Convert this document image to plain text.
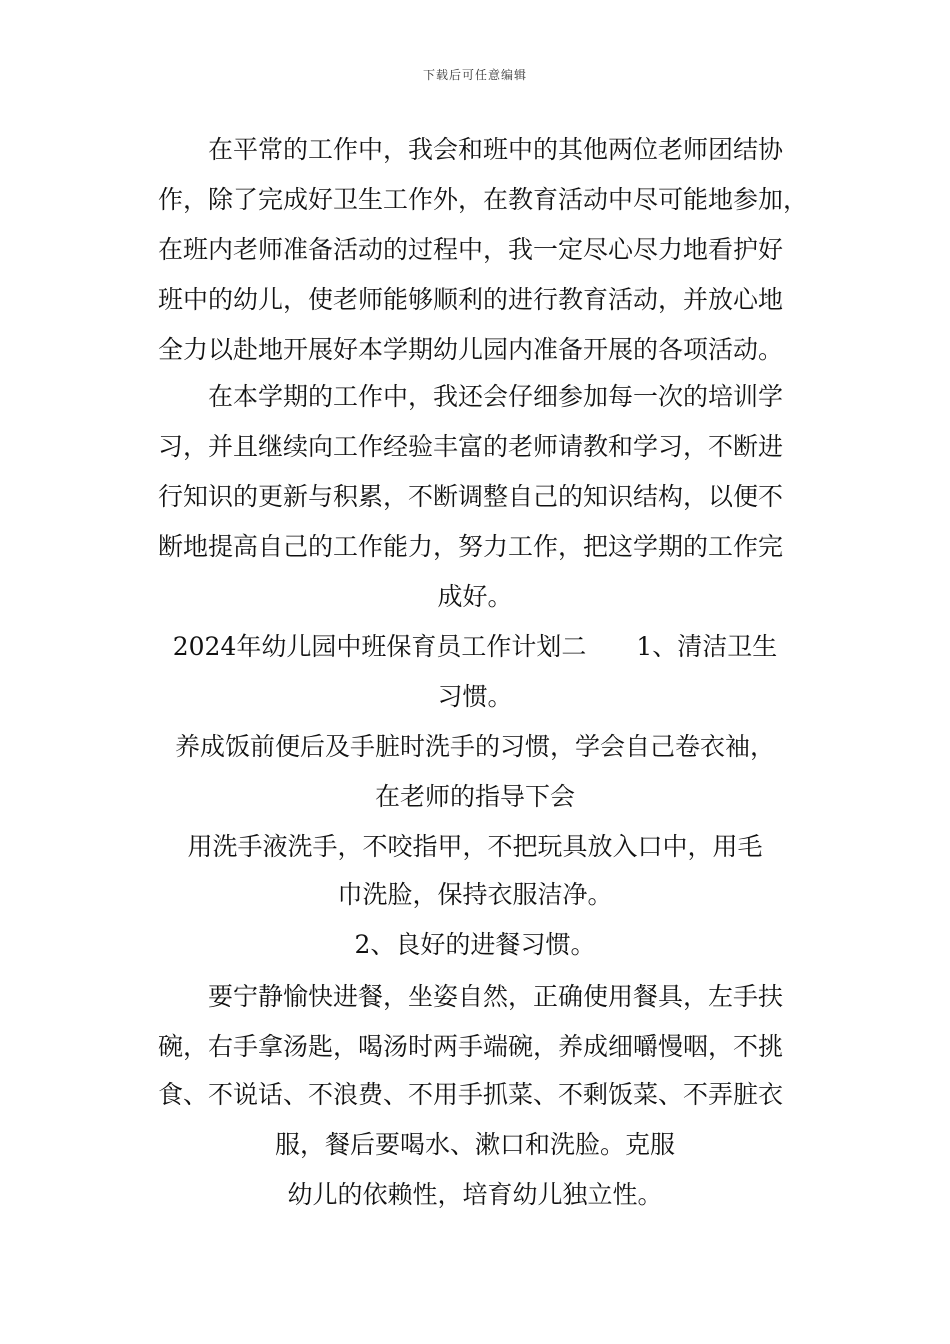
下载后可任意编辑
在平常的工作中，我会和班中的其他两位老师团结协
作，除了完成好卫生工作外，在教育活动中尽可能地参加，
在班内老师准备活动的过程中，我一定尽心尽力地看护好
班中的幼儿，使老师能够顺利的进行教育活动，并放心地
全力以赴地开展好本学期幼儿园内准备开展的各项活动。
在本学期的工作中，我还会仔细参加每一次的培训学
习，并且继续向工作经验丰富的老师请教和学习，不断进
行知识的更新与积累，不断调整自己的知识结构，以便不
断地提高自己的工作能力，努力工作，把这学期的工作完
成好。
2024年幼儿园中班保育员工作计划二　　1、清洁卫生
习惯。
养成饭前便后及手脏时洗手的习惯，学会自己卷衣袖，
在老师的指导下会
用洗手液洗手，不咬指甲，不把玩具放入口中，用毛
巾洗脸，保持衣服洁净。
2、良好的进餐习惯。
要宁静愉快进餐，坐姿自然，正确使用餐具，左手扶
碗，右手拿汤匙，喝汤时两手端碗，养成细嚼慢咽，不挑
食、不说话、不浪费、不用手抓菜、不剩饭菜、不弄脏衣
服，餐后要喝水、漱口和洗脸。克服
幼儿的依赖性，培育幼儿独立性。
